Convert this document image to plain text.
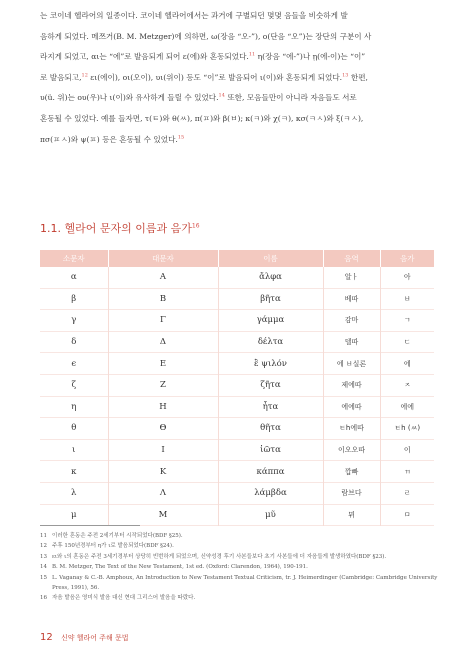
는 코이네 헬라어의 일종이다. 코이네 헬라어에서는 과거에 구별되던 몇몇 음들을 비슷하게 발
음하게 되었다. 메쯔거(B. M. Metzger)에 의하면, ω(장음 “오-”), ο(단음 “오”)는 장단의 구분이 사
라지게 되었고, αι는 “에”로 발음되게 되어 ε(에)와 혼동되었다.$^{11}$ η(장음 “에-”)나 ῃ(에-이)는 “이”
로 발음되고,$^{12}$ ει(에이), οι(오이), υι(위이) 등도 “이”로 발음되어 ι(이)와 혼동되게 되었다.$^{13}$ 한편,
υ(ü. 위)는 ου(우)나 ι(이)와 유사하게 들릴 수 있었다.$^{14}$ 또한, 모음들만이 아니라 자음들도 서로
혼동될 수 있었다. 예를 들자면, τ(ㅌ)와 θ(ㅆ), π(ㅍ)와 β(ㅂ); κ(ㅋ)와 χ(ㅋ), κσ(ㅋㅅ)와 ξ(ㅋㅅ),
πσ(ㅍㅅ)와 ψ(ㅍ) 등은 혼동될 수 있었다.$^{15}$
1.1. 헬라어 문자의 이름과 음가$^{16}$
소문자	대문자	이름	음역	음가
α	Α	ἄλφα	알ㅏ	아
β	Β	βῆτα	베따	ㅂ
γ	Γ	γάμμα	감마	ㄱ
δ	Δ	δέλτα	델따	ㄷ
ϵ	Ε	ἒ ψιλόν	에 ㅂ실론	에
ζ	Ζ	ζῆτα	제에따	ㅈ
η	Η	ἦτα	에에따	에에
θ	Θ	θῆτα	ㅌh에따	ㅌh (ㅆ)
ι	Ι	ἰῶτα	이오오따	이
κ	Κ	κάππα	깝빠	ㄲ
λ	Λ	λάμβδα	람브다	ㄹ
μ	Μ	μῦ	뮈	ㅁ
11 이러한 혼동은 주전 2세기부터 시작되었다(BDF §25).
12 주후 150년경부터 η가 ι로 발음되었다(BDF §24).
13 ει와 ι의 혼동은 주전 3세기경부터 상당히 빈번하게 되었으며, 신약성경 후기 사본들보다 초기 사본들에 더 자음들게 발생하였다(BDF §23).
14 B. M. Metzger, The Text of the New Testament, 1st ed. (Oxford: Clarendon, 1964), 190-191.
15 L. Vaganay & C.-B. Amphoux, An Introduction to New Testament Textual Criticism, tr. J. Heimerdinger (Cambridge: Cambridge University
Press, 1991), 56.
16 자음 발음은 영미식 발음 대신 현대 그리스어 발음을 따랐다.
12 신약 헬라어 주해 문법
